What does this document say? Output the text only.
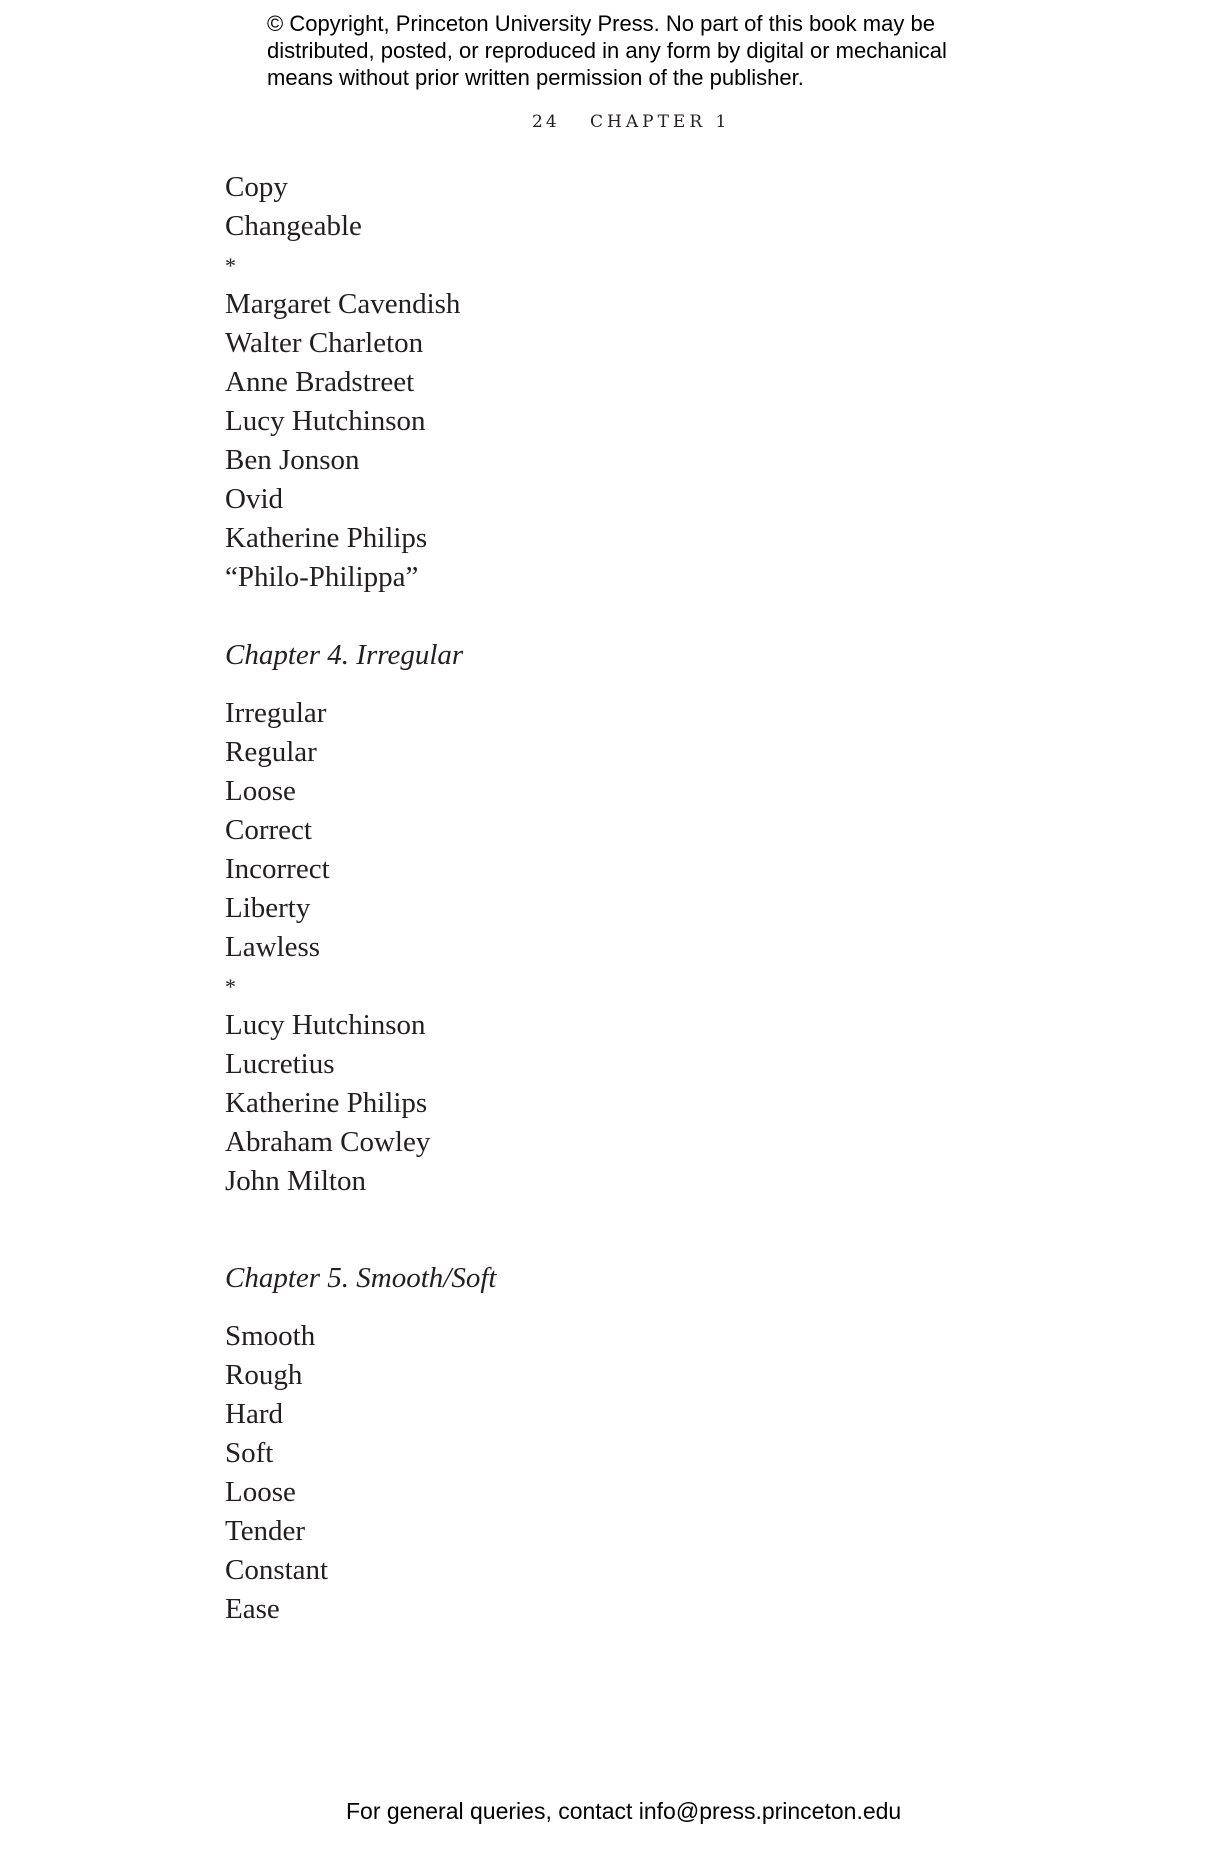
© Copyright, Princeton University Press. No part of this book may be
distributed, posted, or reproduced in any form by digital or mechanical
means without prior written permission of the publisher.
24 CHAPTER 1
Copy
Changeable
*
Margaret Cavendish
Walter Charleton
Anne Bradstreet
Lucy Hutchinson
Ben Jonson
Ovid
Katherine Philips
“Philo-Philippa”
Chapter 4. Irregular
Irregular
Regular
Loose
Correct
Incorrect
Liberty
Lawless
*
Lucy Hutchinson
Lucretius
Katherine Philips
Abraham Cowley
John Milton
Chapter 5. Smooth/Soft
Smooth
Rough
Hard
Soft
Loose
Tender
Constant
Ease
For general queries, contact info@press.princeton.edu
